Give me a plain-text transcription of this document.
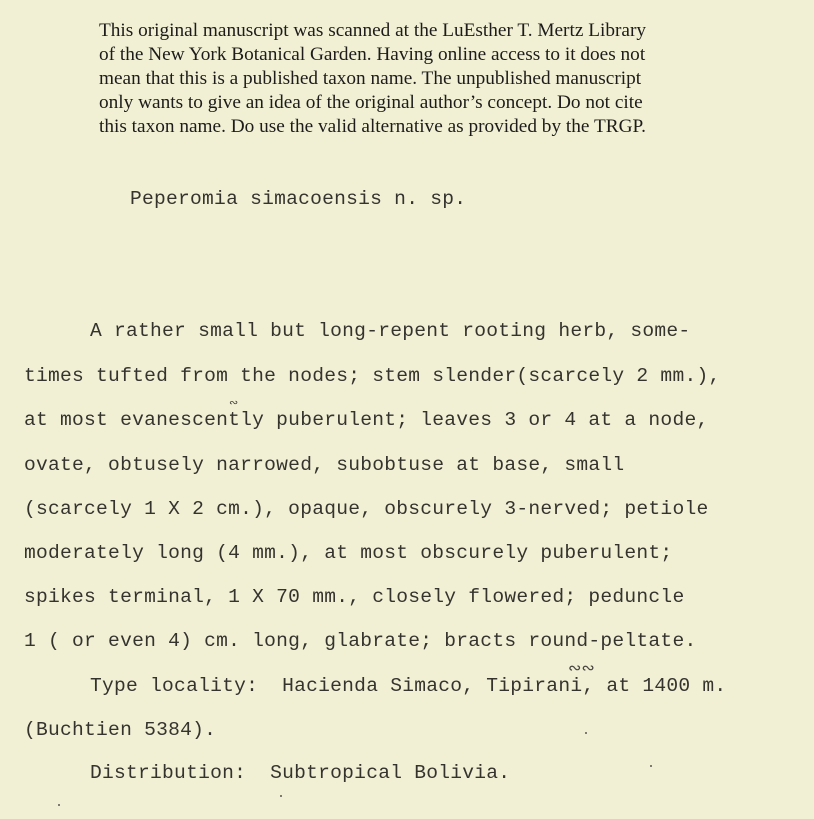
This original manuscript was scanned at the LuEsther T. Mertz Library
of the New York Botanical Garden. Having online access to it does not
mean that this is a published taxon name. The unpublished manuscript
only wants to give an idea of the original author’s concept. Do not cite
this taxon name. Do use the valid alternative as provided by the TRGP.
Peperomia simacoensis n. sp.
A rather small but long-repent rooting herb, some-
times tufted from the nodes; stem slender(scarcely 2 mm.),
at most evanescently puberulent; leaves 3 or 4 at a node,
ovate, obtusely narrowed, subobtuse at base, small
(scarcely 1 X 2 cm.), opaque, obscurely 3-nerved; petiole
moderately long (4 mm.), at most obscurely puberulent;
spikes terminal, 1 X 70 mm., closely flowered; peduncle
1 ( or even 4) cm. long, glabrate; bracts round-peltate.
Type locality:  Hacienda Simaco, Tipirani, at 1400 m.
(Buchtien 5384).
Distribution:  Subtropical Bolivia.
∾
∾∾
